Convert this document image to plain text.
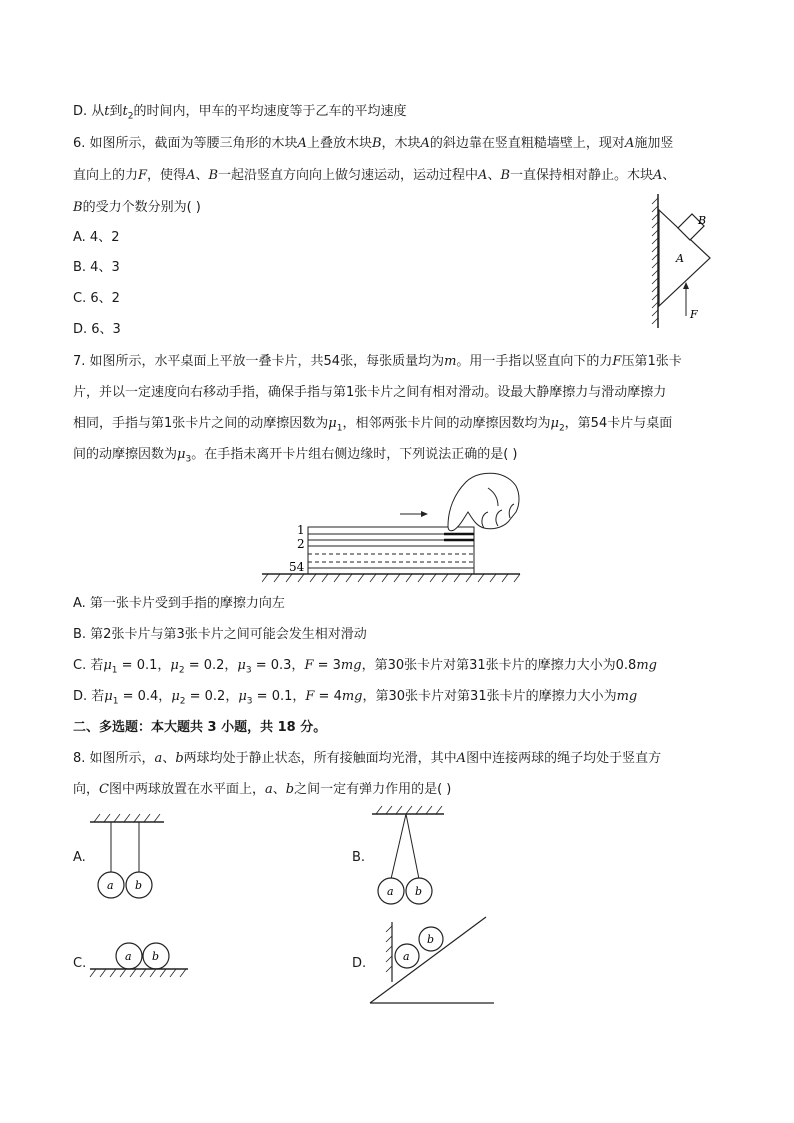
D. 从t到$t_2$的时间内，甲车的平均速度等于乙车的平均速度
6. 如图所示，截面为等腰三角形的木块A上叠放木块B，木块A的斜边靠在竖直粗糙墙壁上，现对A施加竖
直向上的力F，使得A、B一起沿竖直方向向上做匀速运动，运动过程中A、B一直保持相对静止。木块A、
B的受力个数分别为( )
A. 4、2
B. 4、3
C. 6、2
D. 6、3
B
A
F
7. 如图所示，水平桌面上平放一叠卡片，共54张，每张质量均为m。用一手指以竖直向下的力F压第1张卡
片，并以一定速度向右移动手指，确保手指与第1张卡片之间有相对滑动。设最大静摩擦力与滑动摩擦力
相同，手指与第1张卡片之间的动摩擦因数为$\mu_1$，相邻两张卡片间的动摩擦因数均为$\mu_2$，第54卡片与桌面
间的动摩擦因数为$\mu_3$。在手指未离开卡片组右侧边缘时，下列说法正确的是( )
1
2
54
A. 第一张卡片受到手指的摩擦力向左
B. 第2张卡片与第3张卡片之间可能会发生相对滑动
C. 若$\mu_1 = 0.1$，$\mu_2 = 0.2$，$\mu_3 = 0.3$，F = 3mg，第30张卡片对第31张卡片的摩擦力大小为0.8mg
D. 若$\mu_1 = 0.4$，$\mu_2 = 0.2$，$\mu_3 = 0.1$，F = 4mg，第30张卡片对第31张卡片的摩擦力大小为mg
二、多选题：本大题共 3 小题，共 18 分。
8. 如图所示，a、b两球均处于静止状态，所有接触面均光滑，其中A图中连接两球的绳子均处于竖直方
向，C图中两球放置在水平面上，a、b之间一定有弹力作用的是( )
A.
a b
B.
a b
C.	a b	D.	a
b
